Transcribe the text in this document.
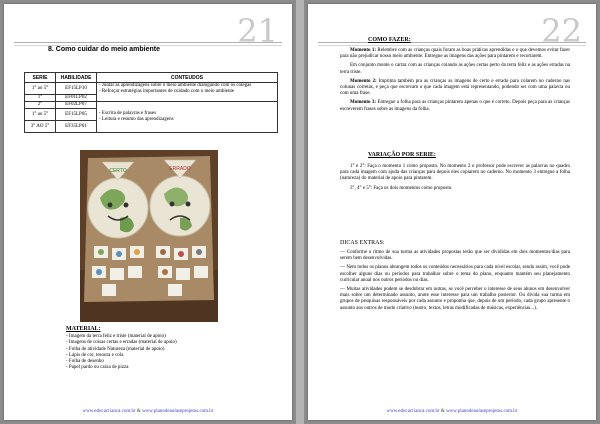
21
8. Como cuidar do meio ambiente
SERIE	HABILIDADE	CONTEUDOS
1° ao 5°	EF15LP10	- Juntar as aprendizagens sobre o meio ambiente dialogando com os colegas
- Reforçar estratégias importantes de cuidado com o meio ambiente

1°	EF01LP02	
2°	EF02LP07	- Escrita de palavras e frases
- Leitura e resumo das aprendizagens

1° ao 5°	EF15LP05	
3° AO 5°	EF35LP01	
CERTO	ERRADO
MATERIAL:
- Imagem da terra feliz e triste (material de apoio)
- Imagens de coisas certas e erradas (material de apoio)
- Folha de atividade Natureza (material de apoio)
- Lápis de cor, tesoura e cola
- Folha de desenho
- Papel pardo ou caixa de pizza
www.educacrianca.com.br & www.planodeaulaseprojetos.com.br
22
COMO FAZER:

Momento 1: Relembre com as crianças quais foram as boas práticas aprendidas e o que devemos evitar fazer para não prejudicar nosso meio ambiente. Entregue as imagens das ações para pintarem e recortarem.

Em conjunto monte o cartaz com as crianças colando as ações certas perto da terra feliz e as ações erradas na terra triste.

Momento 2: Imprima também pra as crianças as imagens de certo e errado para colarem no caderno nas colunas corretas, e peça que escrevam o que cada imagem está representando, podendo ser com uma palavra ou com uma frase.

Momento 3: Entregue a folha para as crianças pintarem apenas o que é correto. Depois peça para as crianças escreverem frases sobre as imagens da folha.

VARIAÇÃO POR SERIE:

1° e 2°: Faça o momento 1 como proposto. No momento 2 o professor pode escrever as palavras no quadro para cada imagem com ajuda das crianças para depois eles copiarem no caderno. No momento 3 entregue a folha (natureza) do material de apoio para pintarem.

3°, 4° e 5°: Faça os dois momentos como proposto.

DICAS EXTRAS:

— Conforme o ritmo de sua turma as atividades propostas terão que ser divididas em dois momentos/dias para serem bem desenvolvidas.

— Nem todos os planos abrangem todos os conteúdos necessários para cada nível escolar, sendo assim, você pode escolher alguns dias ou períodos para trabalhar sobre o tema do plano, enquanto mantém seu planejamento curricular anual nos outros períodos ou dias.

— Muitas atividades podem se desdobrar em outras, se você perceber o interesse de seus alunos em desenvolver mais sobre um determinado assunto, anote esse interesse para um trabalho posterior. Ou divida sua turma em grupos de pesquisas responsáveis por cada assunto e proponha que, depois de um período, cada grupo apresente o assunto aos outros de modo criativo (teatro, textos, letras modificadas de músicas, experiências...).

www.educacrianca.com.br & www.planodeaulaseprojetos.com.br
